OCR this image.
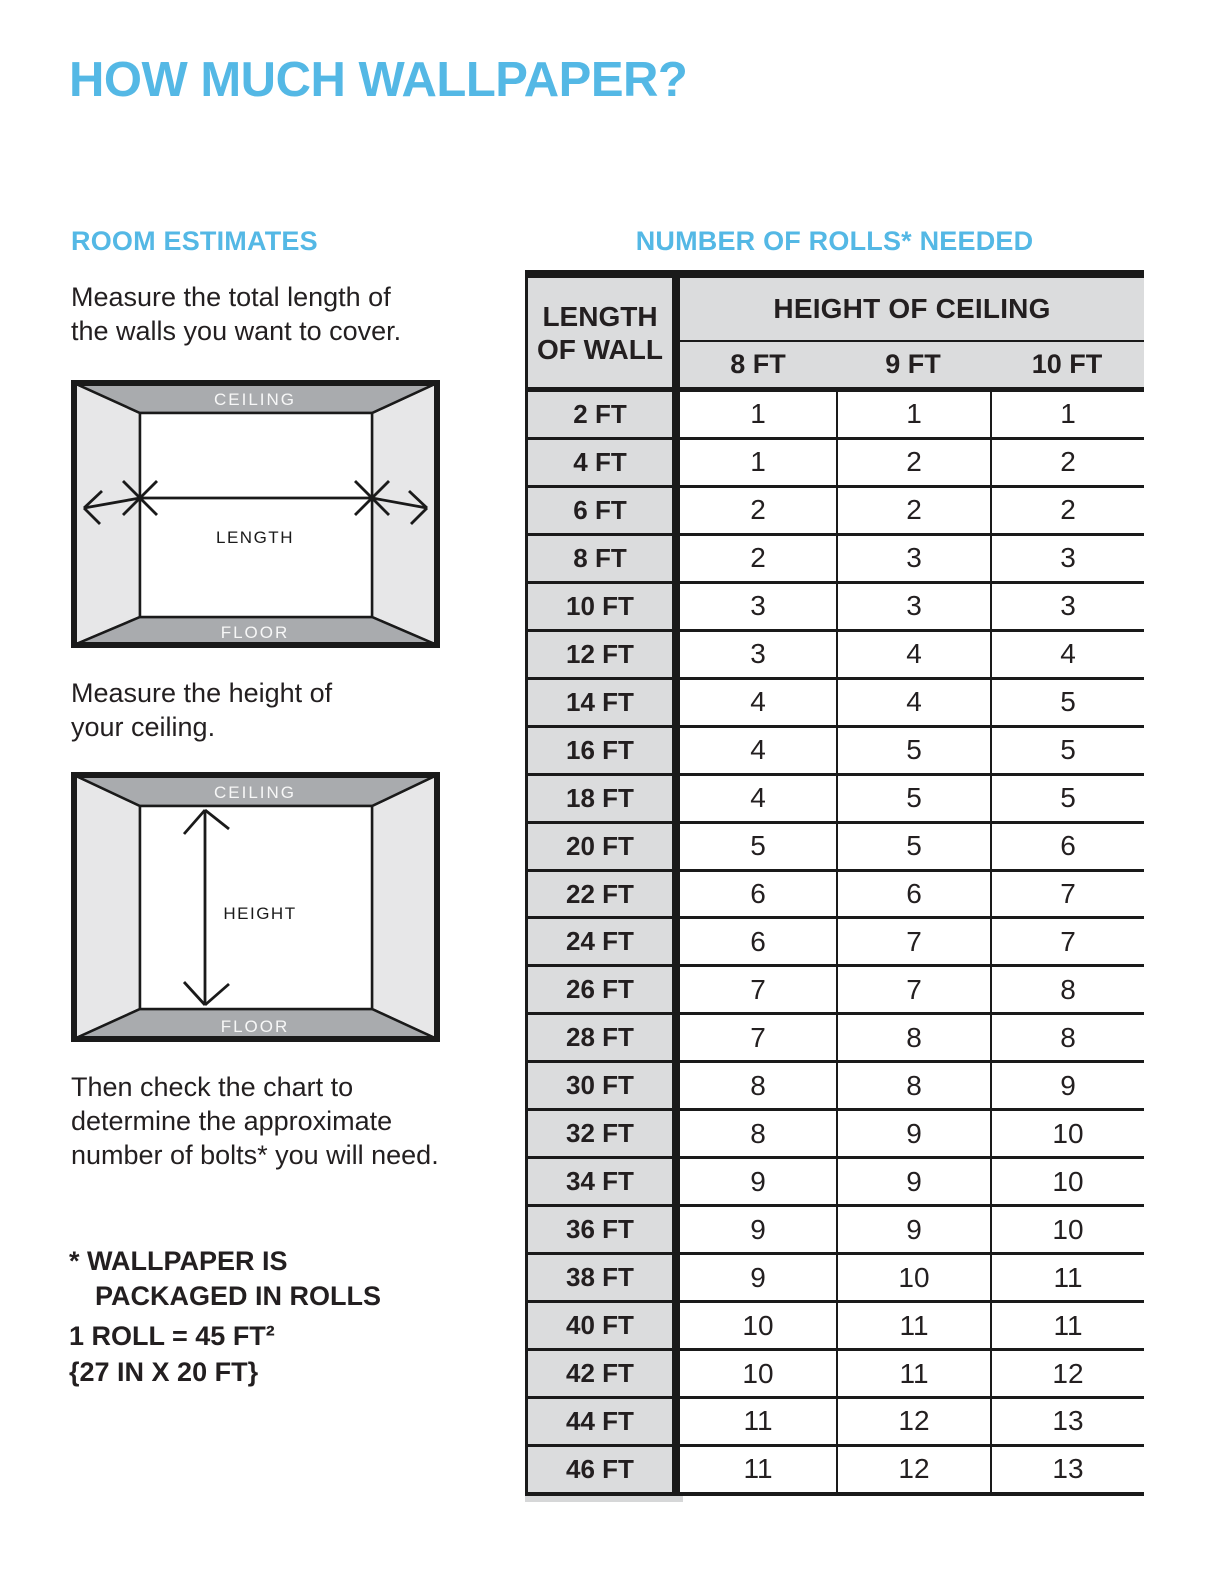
HOW MUCH WALLPAPER?
ROOM ESTIMATES
Measure the total length of
the walls you want to cover.
CEILING
FLOOR
LENGTH
Measure the height of
your ceiling.
CEILING
FLOOR
HEIGHT
Then check the chart to
determine the approximate
number of bolts* you will need.
* WALLPAPER IS
PACKAGED IN ROLLS
1 ROLL = 45 FT²
{27 IN X 20 FT}
NUMBER OF ROLLS* NEEDED
LENGTH
OF WALL
HEIGHT OF CEILING
8 FT	9 FT	10 FT
2 FT	1	1	1
4 FT	1	2	2
6 FT	2	2	2
8 FT	2	3	3
10 FT	3	3	3
12 FT	3	4	4
14 FT	4	4	5
16 FT	4	5	5
18 FT	4	5	5
20 FT	5	5	6
22 FT	6	6	7
24 FT	6	7	7
26 FT	7	7	8
28 FT	7	8	8
30 FT	8	8	9
32 FT	8	9	10
34 FT	9	9	10
36 FT	9	9	10
38 FT	9	10	11
40 FT	10	11	11
42 FT	10	11	12
44 FT	11	12	13
46 FT	11	12	13
